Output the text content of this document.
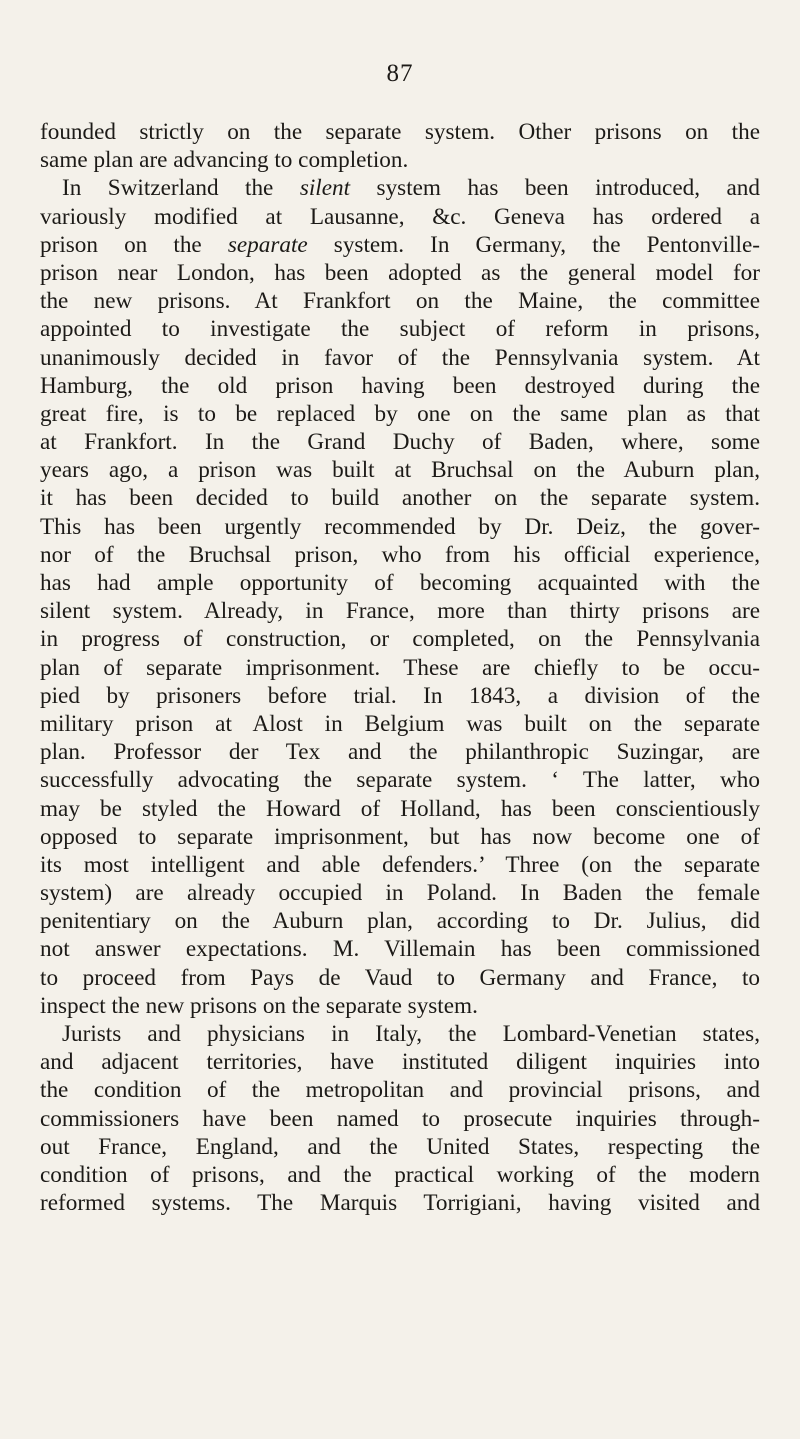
87
founded strictly on the separate system. Other prisons on the
same plan are advancing to completion.
In Switzerland the silent system has been introduced, and
variously modified at Lausanne, &c. Geneva has ordered a
prison on the separate system. In Germany, the Pentonville-
prison near London, has been adopted as the general model for
the new prisons. At Frankfort on the Maine, the committee
appointed to investigate the subject of reform in prisons,
unanimously decided in favor of the Pennsylvania system. At
Hamburg, the old prison having been destroyed during the
great fire, is to be replaced by one on the same plan as that
at Frankfort. In the Grand Duchy of Baden, where, some
years ago, a prison was built at Bruchsal on the Auburn plan,
it has been decided to build another on the separate system.
This has been urgently recommended by Dr. Deiz, the gover-
nor of the Bruchsal prison, who from his official experience,
has had ample opportunity of becoming acquainted with the
silent system. Already, in France, more than thirty prisons are
in progress of construction, or completed, on the Pennsylvania
plan of separate imprisonment. These are chiefly to be occu-
pied by prisoners before trial. In 1843, a division of the
military prison at Alost in Belgium was built on the separate
plan. Professor der Tex and the philanthropic Suzingar, are
successfully advocating the separate system. ‘ The latter, who
may be styled the Howard of Holland, has been conscientiously
opposed to separate imprisonment, but has now become one of
its most intelligent and able defenders.’ Three (on the separate
system) are already occupied in Poland. In Baden the female
penitentiary on the Auburn plan, according to Dr. Julius, did
not answer expectations. M. Villemain has been commissioned
to proceed from Pays de Vaud to Germany and France, to
inspect the new prisons on the separate system.
Jurists and physicians in Italy, the Lombard-Venetian states,
and adjacent territories, have instituted diligent inquiries into
the condition of the metropolitan and provincial prisons, and
commissioners have been named to prosecute inquiries through-
out France, England, and the United States, respecting the
condition of prisons, and the practical working of the modern
reformed systems. The Marquis Torrigiani, having visited and
